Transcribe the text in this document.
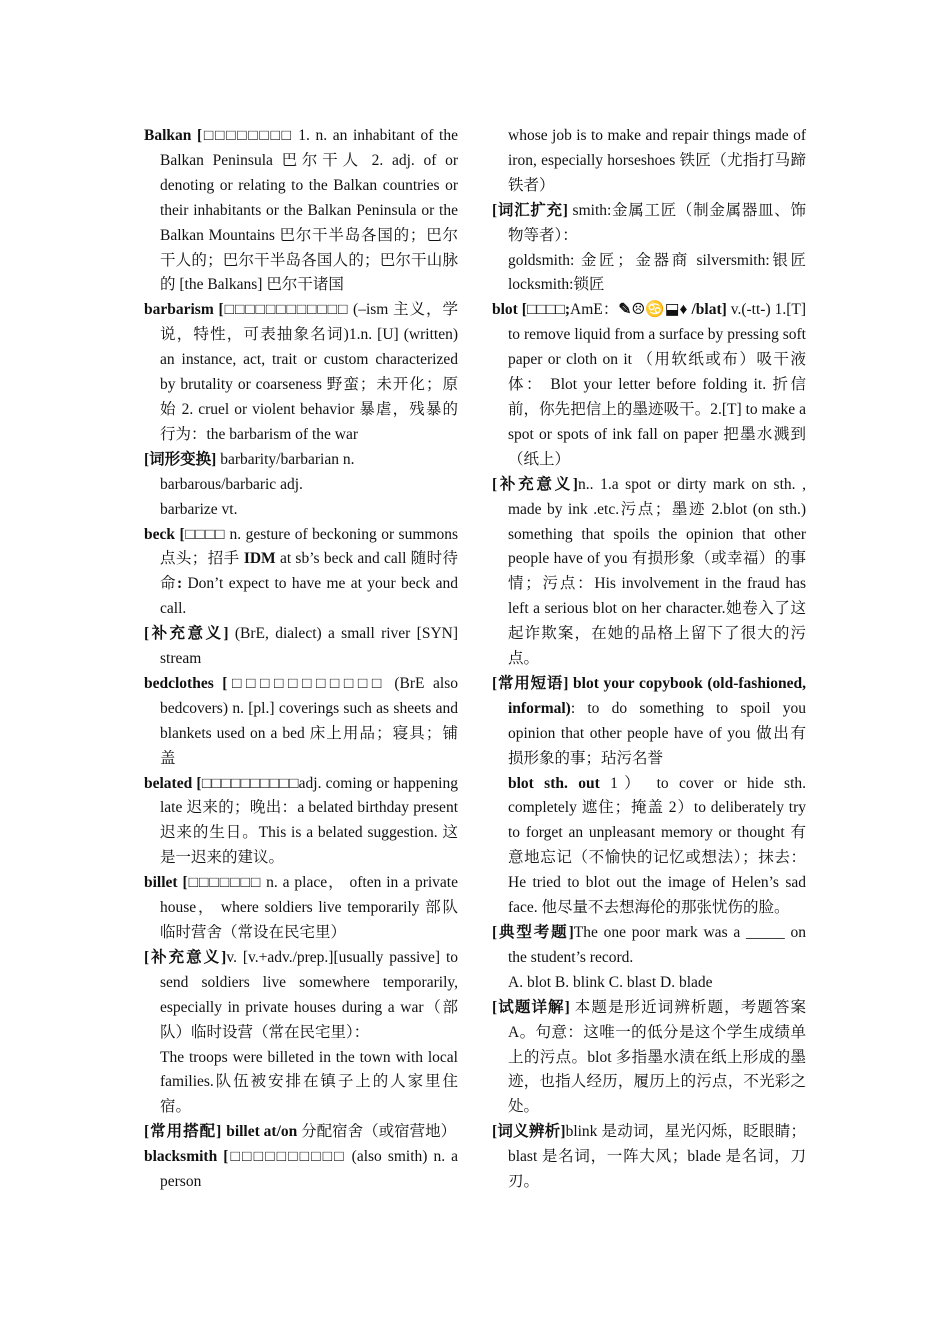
Balkan [□□□□□□□□ 1. n. an inhabitant of the Balkan Peninsula 巴尔干人 2. adj. of or denoting or relating to the Balkan countries or their inhabitants or the Balkan Peninsula or the Balkan Mountains 巴尔干半岛各国的；巴尔干人的；巴尔干半岛各国人的；巴尔干山脉的 [the Balkans] 巴尔干诸国

barbarism [□□□□□□□□□□□□ (–ism 主义，学说，特性，可表抽象名词)1.n. [U] (written) an instance, act, trait or custom characterized by brutality or coarseness 野蛮；未开化；原始 2. cruel or violent behavior 暴虐，残暴的行为：the barbarism of the war

[词形变换] barbarity/barbarian n.

barbarous/barbaric adj.

barbarize vt.

beck [□□□□ n. gesture of beckoning or summons 点头；招手 IDM at sb’s beck and call 随时待命: Don’t expect to have me at your beck and call.

[补充意义] (BrE, dialect) a small river [SYN] stream

bedclothes [□□□□□□□□□□□ (BrE also bedcovers) n. [pl.] coverings such as sheets and blankets used on a bed 床上用品；寝具；铺盖

belated [□□□□□□□□□□adj. coming or happening late 迟来的；晚出：a belated birthday present 迟来的生日。This is a belated suggestion. 这是一迟来的建议。

billet [□□□□□□□ n. a place， often in a private house， where soldiers live temporarily 部队临时营舍（常设在民宅里）

[补充意义]v. [v.+adv./prep.][usually passive] to send soldiers live somewhere temporarily, especially in private houses during a war（部队）临时设营（常在民宅里）：

The troops were billeted in the town with local families.队伍被安排在镇子上的人家里住宿。

[常用搭配] billet at/on 分配宿舍（或宿营地）

blacksmith [□□□□□□□□□□ (also smith) n. a person

whose job is to make and repair things made of iron, especially horseshoes 铁匠（尤指打马蹄铁者）

[词汇扩充] smith:金属工匠（制金属器皿、饰物等者）：

goldsmith: 金匠；金器商 silversmith:银匠 locksmith:锁匠

blot [□□□□;AmE：✎☹♋⬓♦ /blat] v.(-tt-) 1.[T] to remove liquid from a surface by pressing soft paper or cloth on it （用软纸或布）吸干液体： Blot your letter before folding it. 折信前，你先把信上的墨迹吸干。2.[T] to make a spot or spots of ink fall on paper 把墨水溅到（纸上）

[补充意义]n.. 1.a spot or dirty mark on sth. , made by ink .etc.污点；墨迹 2.blot (on sth.) something that spoils the opinion that other people have of you 有损形象（或幸福）的事情；污点：His involvement in the fraud has left a serious blot on her character.她卷入了这起诈欺案，在她的品格上留下了很大的污点。

[常用短语] blot your copybook (old-fashioned, informal): to do something to spoil you opinion that other people have of you 做出有损形象的事；玷污名誉

blot sth. out 1） to cover or hide sth. completely 遮住；掩盖 2）to deliberately try to forget an unpleasant memory or thought 有意地忘记（不愉快的记忆或想法）；抹去： He tried to blot out the image of Helen’s sad face. 他尽量不去想海伦的那张忧伤的脸。

[典型考题]The one poor mark was a _____ on the student’s record.

A. blot B. blink C. blast D. blade

[试题详解] 本题是形近词辨析题，考题答案 A。句意：这唯一的低分是这个学生成绩单上的污点。blot 多指墨水渍在纸上形成的墨迹，也指人经历，履历上的污点，不光彩之处。

[词义辨析]blink 是动词，星光闪烁，眨眼睛；blast 是名词，一阵大风；blade 是名词，刀刃。
